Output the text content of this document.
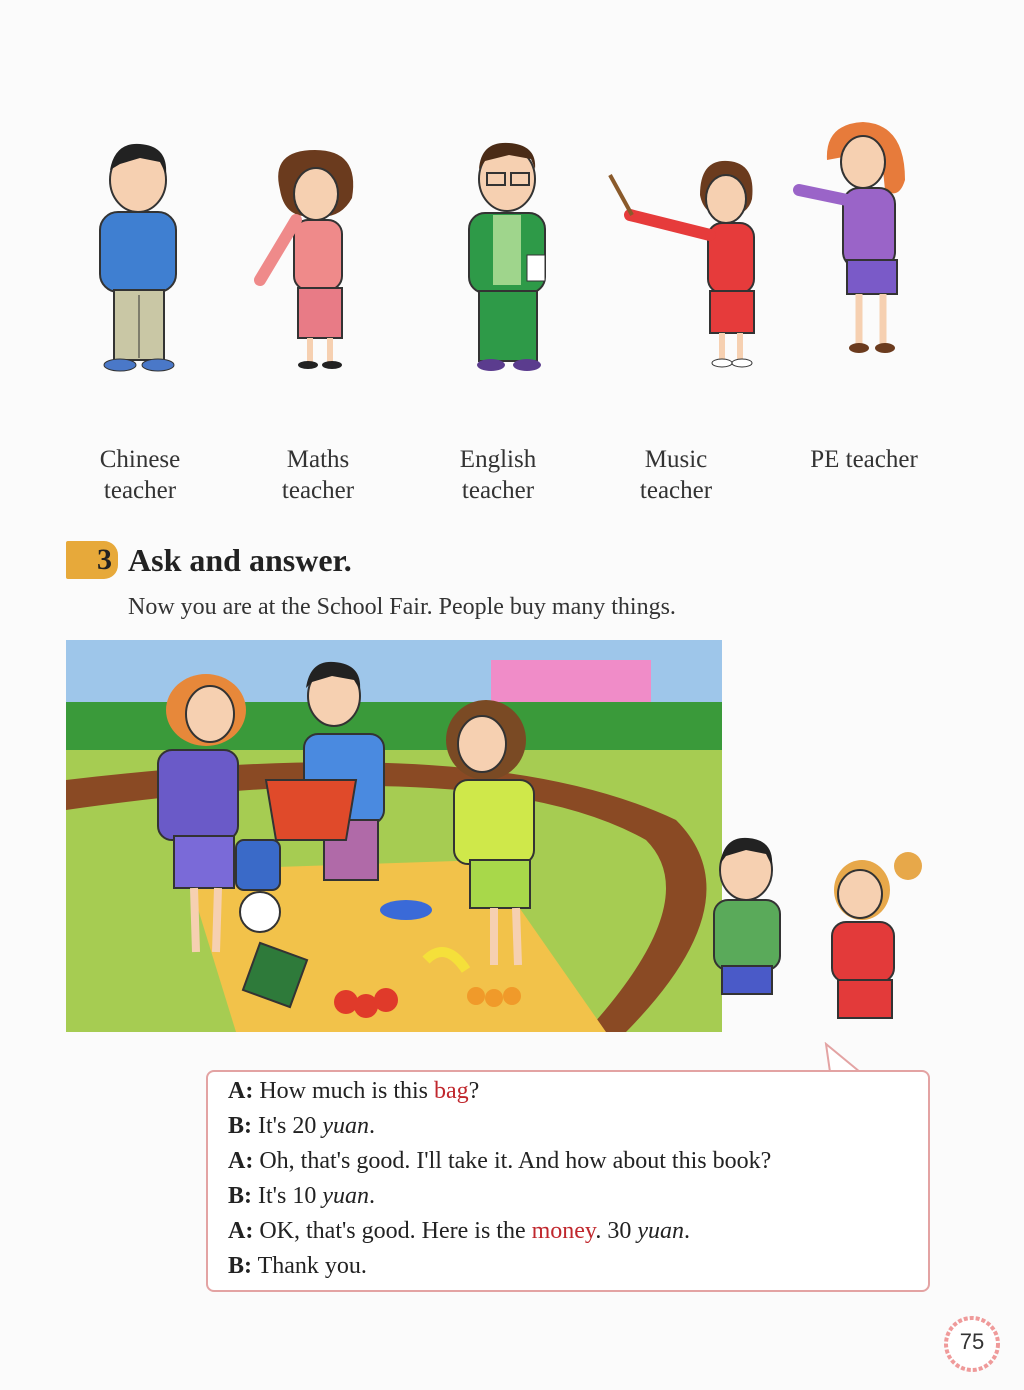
Chinese
teacher
Maths
teacher
English
teacher
Music
teacher
PE teacher
3 Ask and answer.
Now you are at the School Fair. People buy many things.
A: How much is this bag?
B: It's 20 yuan.
A: Oh, that's good. I'll take it. And how about this book?
B: It's 10 yuan.
A: OK, that's good. Here is the money. 30 yuan.
B: Thank you.
75
